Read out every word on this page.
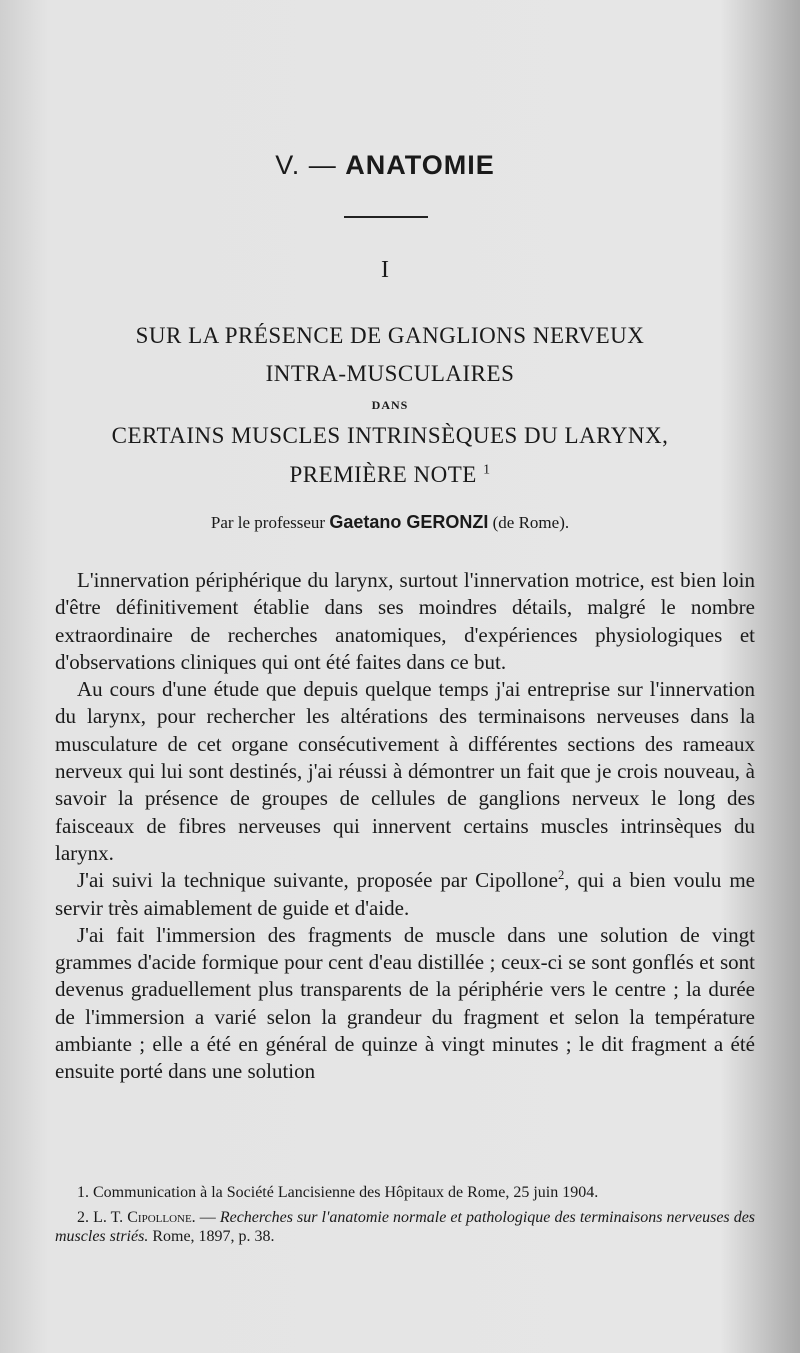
V. — ANATOMIE
I
SUR LA PRÉSENCE DE GANGLIONS NERVEUX
INTRA-MUSCULAIRES
DANS
CERTAINS MUSCLES INTRINSÈQUES DU LARYNX,
PREMIÈRE NOTE $^1$
Par le professeur Gaetano GERONZI (de Rome).

L'innervation périphérique du larynx, surtout l'innervation motrice, est bien loin d'être définitivement établie dans ses moindres détails, malgré le nombre extraordinaire de recherches anatomiques, d'expériences physiologiques et d'observations cliniques qui ont été faites dans ce but.

Au cours d'une étude que depuis quelque temps j'ai entreprise sur l'innervation du larynx, pour rechercher les altérations des terminaisons nerveuses dans la musculature de cet organe consécutivement à différentes sections des rameaux nerveux qui lui sont destinés, j'ai réussi à démontrer un fait que je crois nouveau, à savoir la présence de groupes de cellules de ganglions nerveux le long des faisceaux de fibres nerveuses qui innervent certains muscles intrinsèques du larynx.

J'ai suivi la technique suivante, proposée par Cipollone$^2$, qui a bien voulu me servir très aimablement de guide et d'aide.

J'ai fait l'immersion des fragments de muscle dans une solution de vingt grammes d'acide formique pour cent d'eau distillée ; ceux-ci se sont gonflés et sont devenus graduellement plus transparents de la périphérie vers le centre ; la durée de l'immersion a varié selon la grandeur du fragment et selon la température ambiante ; elle a été en général de quinze à vingt minutes ; le dit fragment a été ensuite porté dans une solution

1. Communication à la Société Lancisienne des Hôpitaux de Rome, 25 juin 1904.

2. L. T. Cipollone. — Recherches sur l'anatomie normale et pathologique des terminaisons nerveuses des muscles striés. Rome, 1897, p. 38.
